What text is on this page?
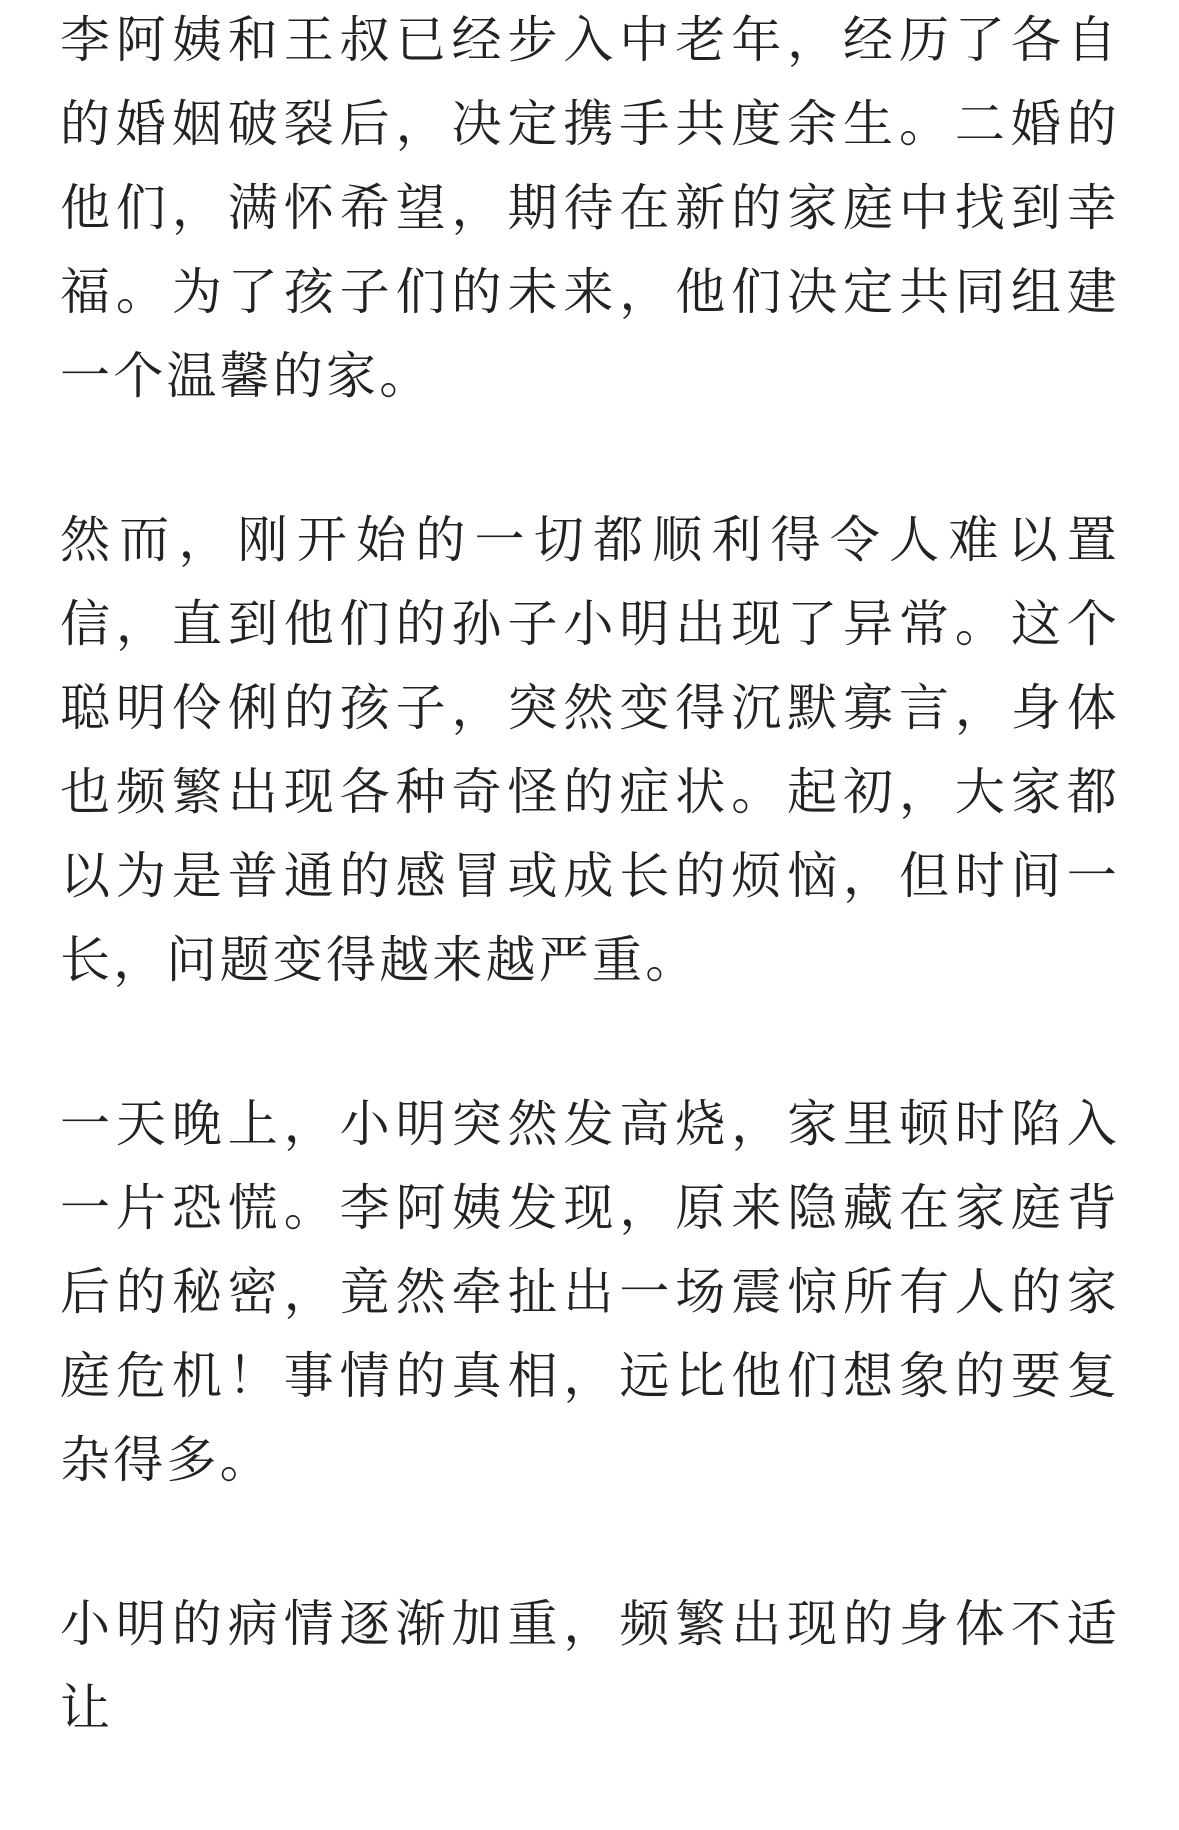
李阿姨和王叔已经步入中老年，经历了各自的婚姻破裂后，决定携手共度余生。二婚的他们，满怀希望，期待在新的家庭中找到幸福。为了孩子们的未来，他们决定共同组建一个温馨的家。

然而，刚开始的一切都顺利得令人难以置信，直到他们的孙子小明出现了异常。这个聪明伶俐的孩子，突然变得沉默寡言，身体也频繁出现各种奇怪的症状。起初，大家都以为是普通的感冒或成长的烦恼，但时间一长，问题变得越来越严重。

一天晚上，小明突然发高烧，家里顿时陷入一片恐慌。李阿姨发现，原来隐藏在家庭背后的秘密，竟然牵扯出一场震惊所有人的家庭危机！事情的真相，远比他们想象的要复杂得多。

小明的病情逐渐加重，频繁出现的身体不适让
